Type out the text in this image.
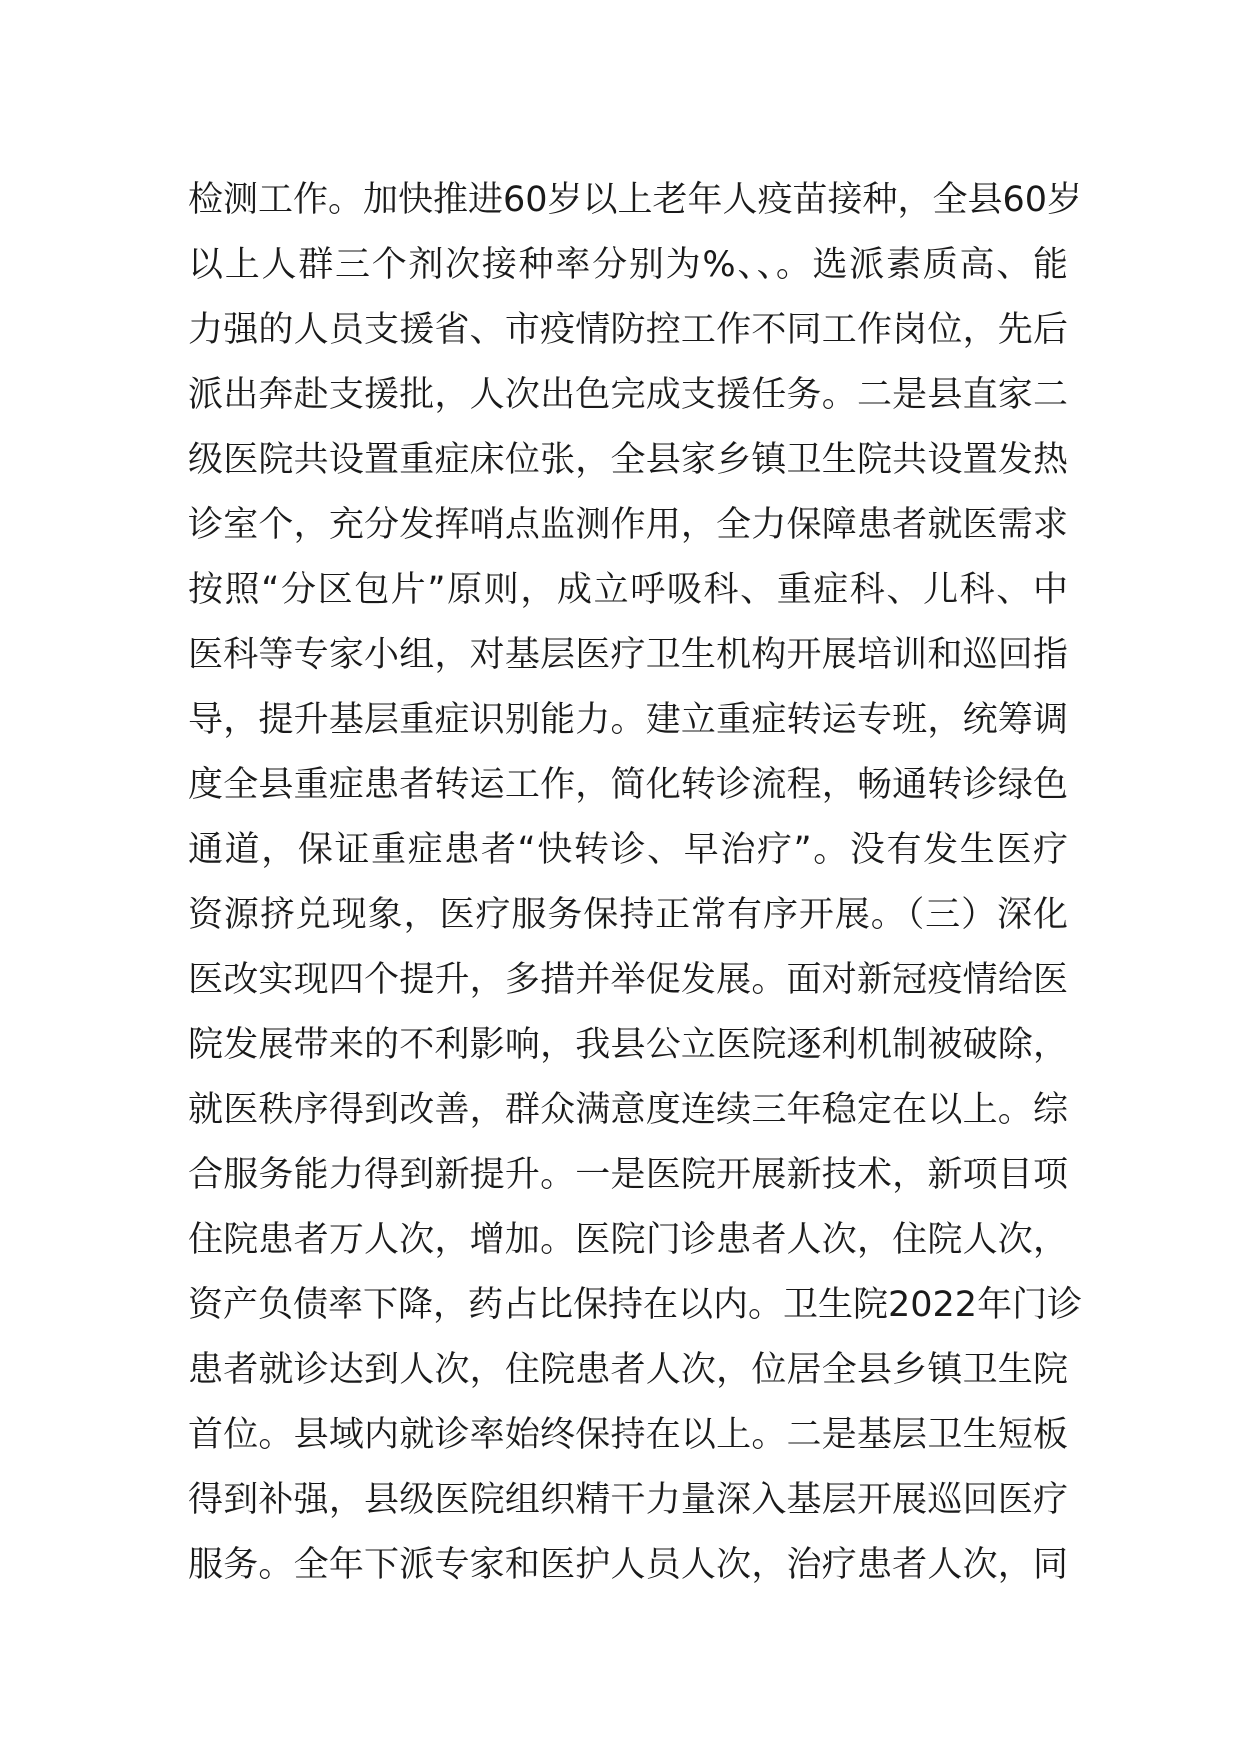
检测工作。加快推进60岁以上老年人疫苗接种，全县60岁
以上人群三个剂次接种率分别为%、、。选派素质高、能
力强的人员支援省、市疫情防控工作不同工作岗位，先后
派出奔赴支援批，人次出色完成支援任务。二是县直家二
级医院共设置重症床位张，全县家乡镇卫生院共设置发热
诊室个，充分发挥哨点监测作用，全力保障患者就医需求
按照“分区包片”原则，成立呼吸科、重症科、儿科、中
医科等专家小组，对基层医疗卫生机构开展培训和巡回指
导，提升基层重症识别能力。建立重症转运专班，统筹调
度全县重症患者转运工作，简化转诊流程，畅通转诊绿色
通道，保证重症患者“快转诊、早治疗”。没有发生医疗
资源挤兑现象，医疗服务保持正常有序开展。（三）深化
医改实现四个提升，多措并举促发展。面对新冠疫情给医
院发展带来的不利影响，我县公立医院逐利机制被破除，
就医秩序得到改善，群众满意度连续三年稳定在以上。综
合服务能力得到新提升。一是医院开展新技术，新项目项
住院患者万人次，增加。医院门诊患者人次，住院人次，
资产负债率下降，药占比保持在以内。卫生院2022年门诊
患者就诊达到人次，住院患者人次，位居全县乡镇卫生院
首位。县域内就诊率始终保持在以上。二是基层卫生短板
得到补强，县级医院组织精干力量深入基层开展巡回医疗
服务。全年下派专家和医护人员人次，治疗患者人次，同
